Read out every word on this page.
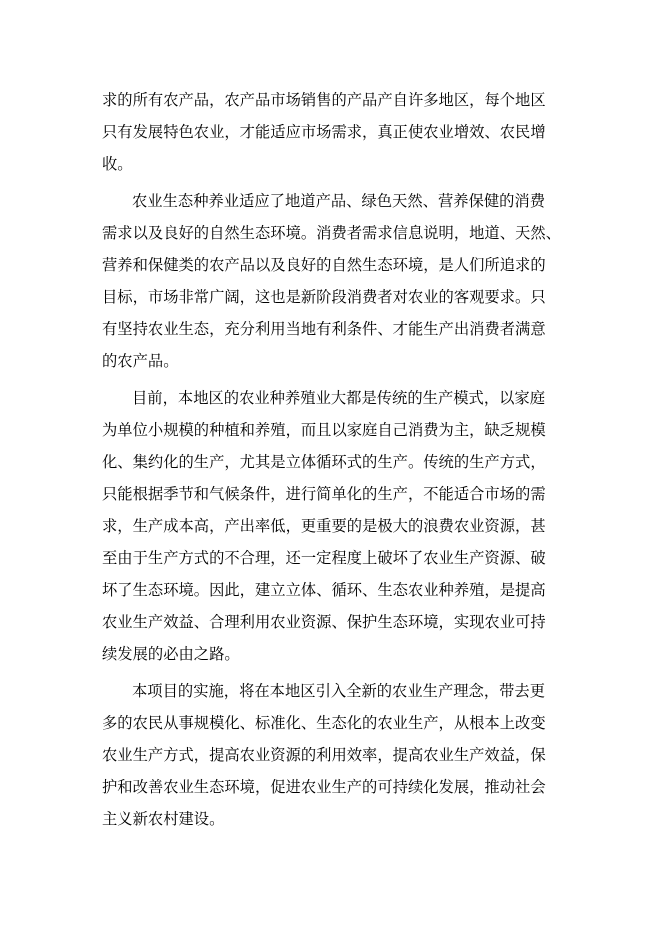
求的所有农产品，农产品市场销售的产品产自许多地区，每个地区
只有发展特色农业，才能适应市场需求，真正使农业增效、农民增
收。
农业生态种养业适应了地道产品、绿色天然、营养保健的消费
需求以及良好的自然生态环境。消费者需求信息说明，地道、天然、
营养和保健类的农产品以及良好的自然生态环境，是人们所追求的
目标，市场非常广阔，这也是新阶段消费者对农业的客观要求。只
有坚持农业生态，充分利用当地有利条件、才能生产出消费者满意
的农产品。
目前，本地区的农业种养殖业大都是传统的生产模式，以家庭
为单位小规模的种植和养殖，而且以家庭自己消费为主，缺乏规模
化、集约化的生产，尤其是立体循环式的生产。传统的生产方式，
只能根据季节和气候条件，进行简单化的生产，不能适合市场的需
求，生产成本高，产出率低，更重要的是极大的浪费农业资源，甚
至由于生产方式的不合理，还一定程度上破坏了农业生产资源、破
坏了生态环境。因此，建立立体、循环、生态农业种养殖，是提高
农业生产效益、合理利用农业资源、保护生态环境，实现农业可持
续发展的必由之路。
本项目的实施，将在本地区引入全新的农业生产理念，带去更
多的农民从事规模化、标准化、生态化的农业生产，从根本上改变
农业生产方式，提高农业资源的利用效率，提高农业生产效益，保
护和改善农业生态环境，促进农业生产的可持续化发展，推动社会
主义新农村建设。
